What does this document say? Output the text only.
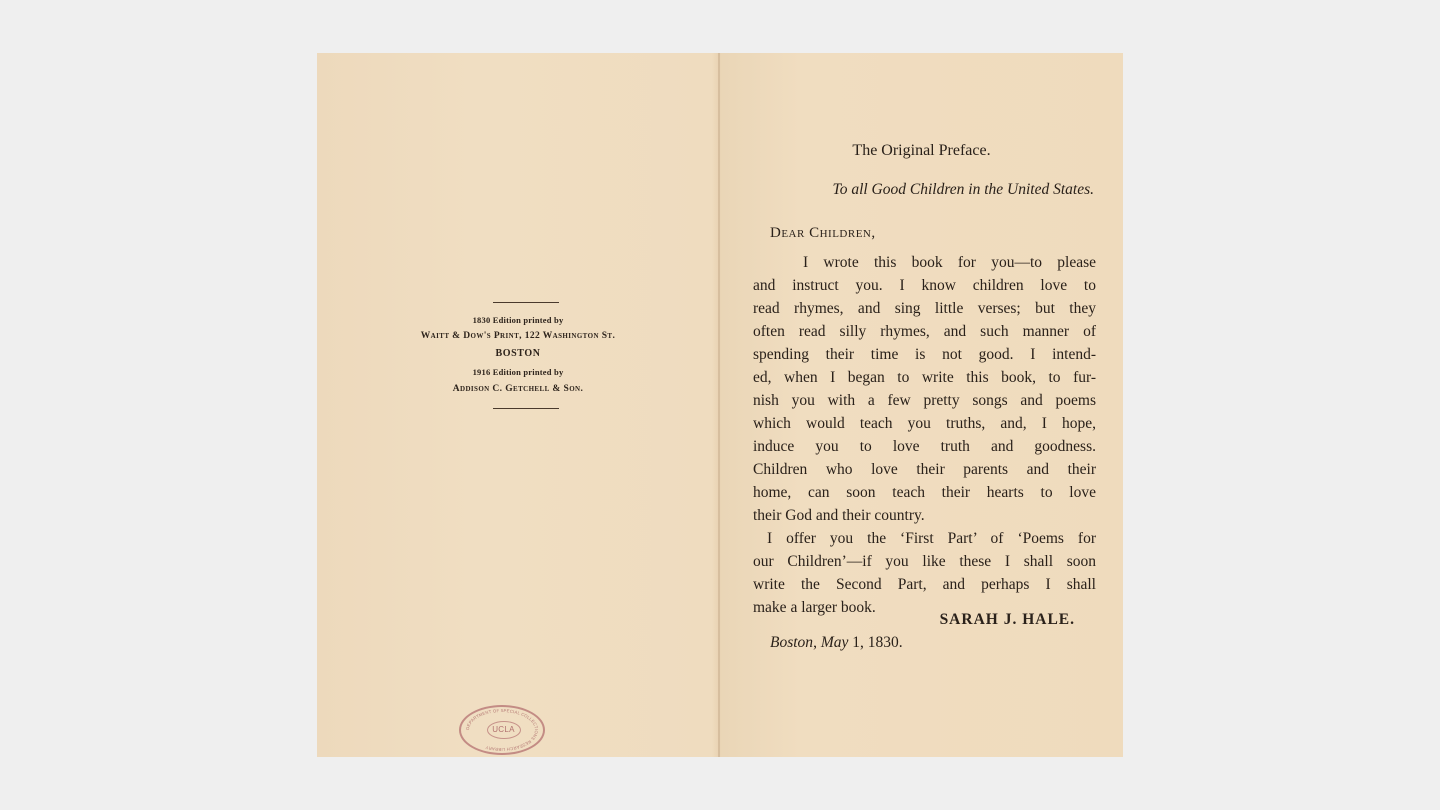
1830 Edition printed by
Waitt & Dow's Print, 122 Washington St.
BOSTON
1916 Edition printed by
Addison C. Getchell & Son.
DEPARTMENT OF SPECIAL COLLECTIONS RESEARCH LIBRARY
UCLA
The Original Preface.
To all Good Children in the United States.
Dear Children,
I wrote this book for you—to please
and instruct you. I know children love to
read rhymes, and sing little verses; but they
often read silly rhymes, and such manner of
spending their time is not good. I intend-
ed, when I began to write this book, to fur-
nish you with a few pretty songs and poems
which would teach you truths, and, I hope,
induce you to love truth and goodness.
Children who love their parents and their
home, can soon teach their hearts to love
their God and their country.
I offer you the ‘First Part’ of ‘Poems for
our Children’—if you like these I shall soon
write the Second Part, and perhaps I shall
make a larger book.
SARAH J. HALE.
Boston, May 1, 1830.
